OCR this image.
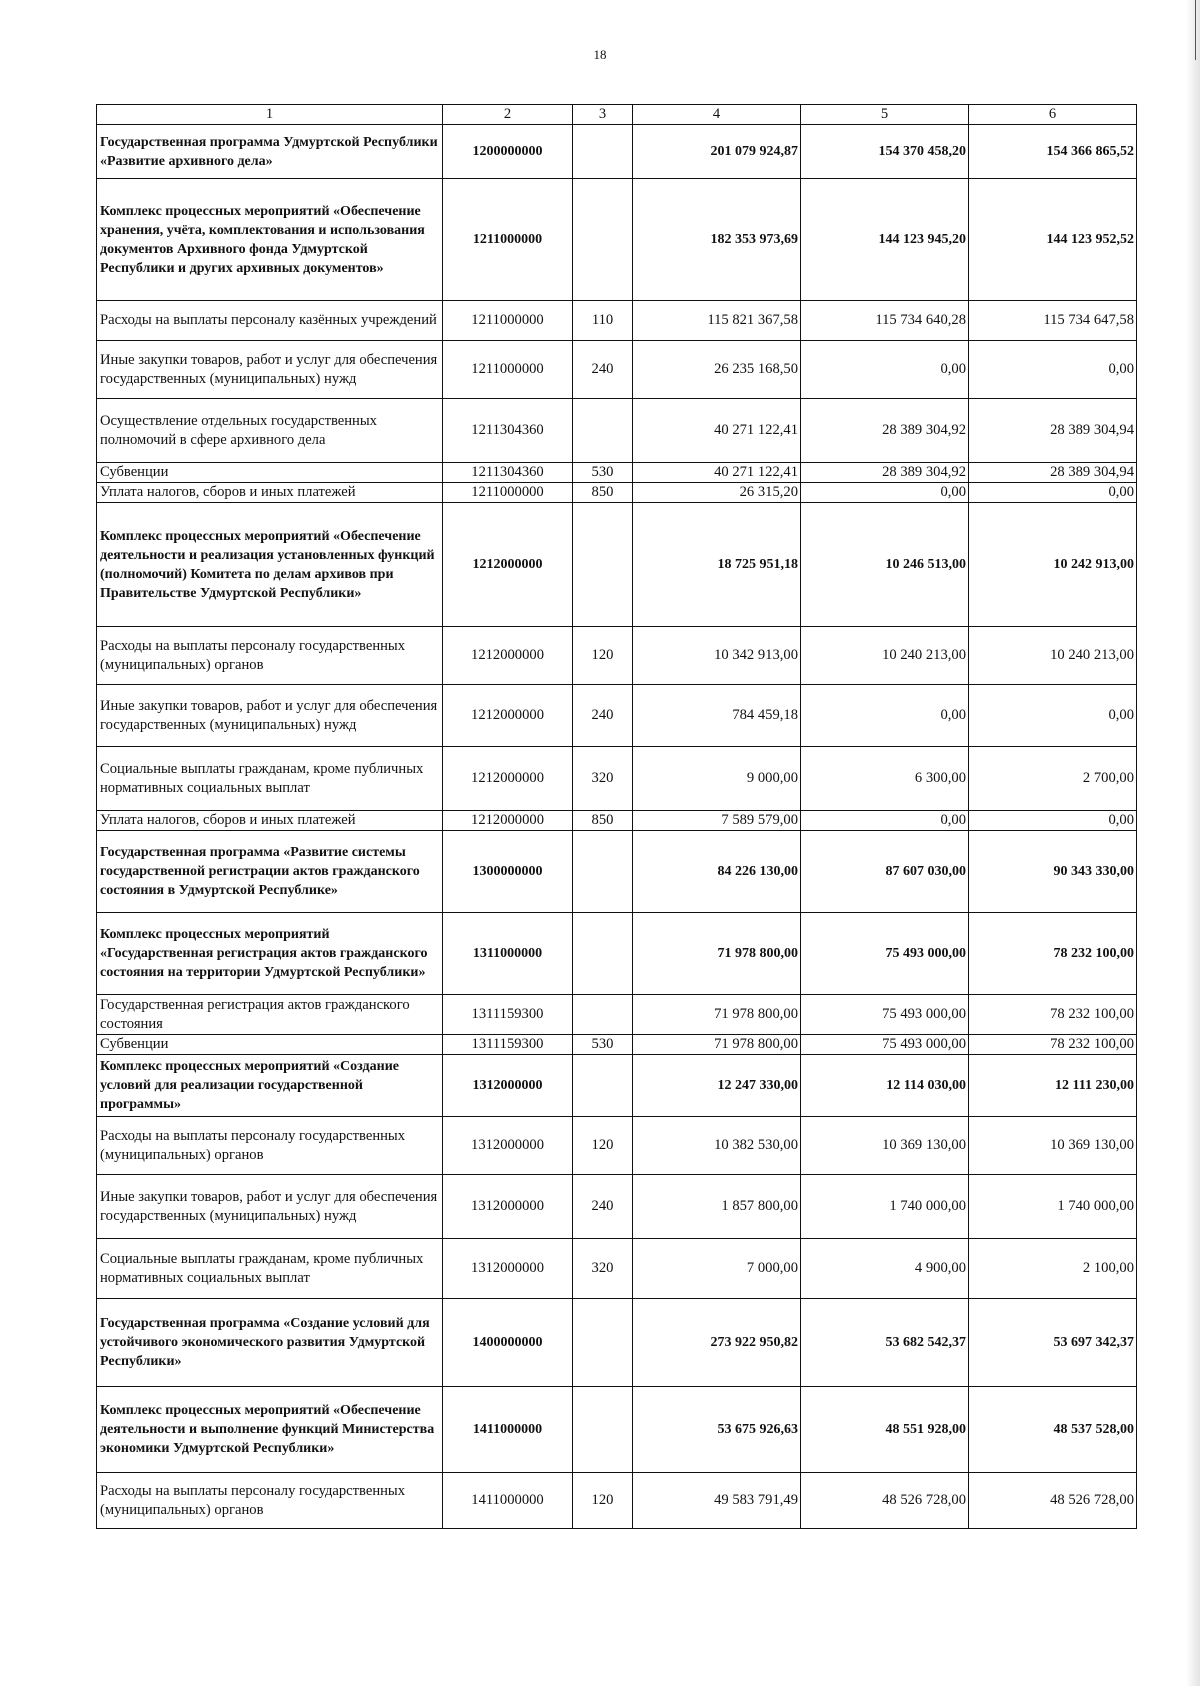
18
1	2	3	4	5	6
Государственная программа Удмуртской Республики «Развитие архивного дела»	1200000000		201 079 924,87	154 370 458,20	154 366 865,52
Комплекс процессных мероприятий «Обеспечение хранения, учёта, комплектования и использования документов Архивного фонда Удмуртской Республики и других архивных документов»	1211000000		182 353 973,69	144 123 945,20	144 123 952,52
Расходы на выплаты персоналу казённых учреждений	1211000000	110	115 821 367,58	115 734 640,28	115 734 647,58
Иные закупки товаров, работ и услуг для обеспечения государственных (муниципальных) нужд	1211000000	240	26 235 168,50	0,00	0,00
Осуществление отдельных государственных полномочий в сфере архивного дела	1211304360		40 271 122,41	28 389 304,92	28 389 304,94
Субвенции	1211304360	530	40 271 122,41	28 389 304,92	28 389 304,94
Уплата налогов, сборов и иных платежей	1211000000	850	26 315,20	0,00	0,00
Комплекс процессных мероприятий «Обеспечение деятельности и реализация установленных функций (полномочий) Комитета по делам архивов при Правительстве Удмуртской Республики»	1212000000		18 725 951,18	10 246 513,00	10 242 913,00
Расходы на выплаты персоналу государственных (муниципальных) органов	1212000000	120	10 342 913,00	10 240 213,00	10 240 213,00
Иные закупки товаров, работ и услуг для обеспечения государственных (муниципальных) нужд	1212000000	240	784 459,18	0,00	0,00
Социальные выплаты гражданам, кроме публичных нормативных социальных выплат	1212000000	320	9 000,00	6 300,00	2 700,00
Уплата налогов, сборов и иных платежей	1212000000	850	7 589 579,00	0,00	0,00
Государственная программа «Развитие системы государственной регистрации актов гражданского состояния в Удмуртской Республике»	1300000000		84 226 130,00	87 607 030,00	90 343 330,00
Комплекс процессных мероприятий «Государственная регистрация актов гражданского состояния на территории Удмуртской Республики»	1311000000		71 978 800,00	75 493 000,00	78 232 100,00
Государственная регистрация актов гражданского состояния	1311159300		71 978 800,00	75 493 000,00	78 232 100,00
Субвенции	1311159300	530	71 978 800,00	75 493 000,00	78 232 100,00
Комплекс процессных мероприятий «Создание условий для реализации государственной программы»	1312000000		12 247 330,00	12 114 030,00	12 111 230,00
Расходы на выплаты персоналу государственных (муниципальных) органов	1312000000	120	10 382 530,00	10 369 130,00	10 369 130,00
Иные закупки товаров, работ и услуг для обеспечения государственных (муниципальных) нужд	1312000000	240	1 857 800,00	1 740 000,00	1 740 000,00
Социальные выплаты гражданам, кроме публичных нормативных социальных выплат	1312000000	320	7 000,00	4 900,00	2 100,00
Государственная программа «Создание условий для устойчивого экономического развития Удмуртской Республики»	1400000000		273 922 950,82	53 682 542,37	53 697 342,37
Комплекс процессных мероприятий «Обеспечение деятельности и выполнение функций Министерства экономики Удмуртской Республики»	1411000000		53 675 926,63	48 551 928,00	48 537 528,00
Расходы на выплаты персоналу государственных (муниципальных) органов	1411000000	120	49 583 791,49	48 526 728,00	48 526 728,00
